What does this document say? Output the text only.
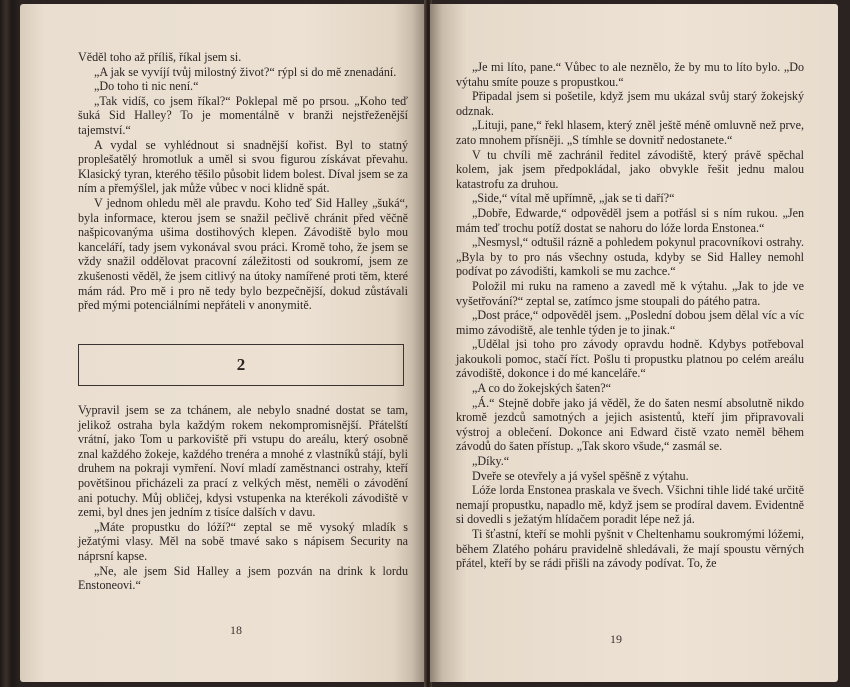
Věděl toho až příliš, říkal jsem si.

„A jak se vyvíjí tvůj milostný život?“ rýpl si do mě znenadání.

„Do toho ti nic není.“

„Tak vidíš, co jsem říkal?“ Poklepal mě po prsou. „Koho teď šuká Sid Halley? To je momentálně v branži nejstřeženější tajemství.“

A vydal se vyhlédnout si snadnější kořist. Byl to statný proplešatělý hromotluk a uměl si svou figurou získávat převahu. Klasický tyran, kterého těšilo působit lidem bolest. Díval jsem se za ním a přemýšlel, jak může vůbec v noci klidně spát.

V jednom ohledu měl ale pravdu. Koho teď Sid Halley „šuká“, byla informace, kterou jsem se snažil pečlivě chránit před věčně našpicovanýma ušima dostihových klepen. Závodiště bylo mou kanceláří, tady jsem vykonával svou práci. Kromě toho, že jsem se vždy snažil oddělovat pracovní záležitosti od soukromí, jsem ze zkušenosti věděl, že jsem citlivý na útoky namířené proti těm, které mám rád. Pro mě i pro ně tedy bylo bezpečnější, dokud zůstávali před mými potenciálními nepřáteli v anonymitě.

2

Vypravil jsem se za tchánem, ale nebylo snadné dostat se tam, jelikož ostraha byla každým rokem nekompromisnější. Přátelští vrátní, jako Tom u parkoviště při vstupu do areálu, který osobně znal každého žokeje, každého trenéra a mnohé z vlastníků stájí, byli druhem na pokraji vymření. Noví mladí zaměstnanci ostrahy, kteří povětšinou přicházeli za prací z velkých měst, neměli o závodění ani potuchy. Můj obličej, kdysi vstupenka na kterékoli závodiště v zemi, byl dnes jen jedním z tisíce dalších v davu.

„Máte propustku do lóží?“ zeptal se mě vysoký mladík s ježatými vlasy. Měl na sobě tmavé sako s nápisem Security na náprsní kapse.

„Ne, ale jsem Sid Halley a jsem pozván na drink k lordu Enstoneovi.“

18

„Je mi líto, pane.“ Vůbec to ale neznělo, že by mu to líto bylo. „Do výtahu smíte pouze s propustkou.“

Připadal jsem si pošetile, když jsem mu ukázal svůj starý žokejský odznak.

„Lituji, pane,“ řekl hlasem, který zněl ještě méně omluvně než prve, zato mnohem přísněji. „S tímhle se dovnitř nedostanete.“

V tu chvíli mě zachránil ředitel závodiště, který právě spěchal kolem, jak jsem předpokládal, jako obvykle řešit jednu malou katastrofu za druhou.

„Side,“ vítal mě upřímně, „jak se ti daří?“

„Dobře, Edwarde,“ odpověděl jsem a potřásl si s ním rukou. „Jen mám teď trochu potíž dostat se nahoru do lóže lorda Enstonea.“

„Nesmysl,“ odtušil rázně a pohledem pokynul pracovníkovi ostrahy. „Byla by to pro nás všechny ostuda, kdyby se Sid Halley nemohl podívat po závodišti, kamkoli se mu zachce.“

Položil mi ruku na rameno a zavedl mě k výtahu. „Jak to jde ve vyšetřování?“ zeptal se, zatímco jsme stoupali do pátého patra.

„Dost práce,“ odpověděl jsem. „Poslední dobou jsem dělal víc a víc mimo závodiště, ale tenhle týden je to jinak.“

„Udělal jsi toho pro závody opravdu hodně. Kdybys potřeboval jakoukoli pomoc, stačí říct. Pošlu ti propustku platnou po celém areálu závodiště, dokonce i do mé kanceláře.“

„A co do žokejských šaten?“

„Á.“ Stejně dobře jako já věděl, že do šaten nesmí absolutně nikdo kromě jezdců samotných a jejich asistentů, kteří jim připravovali výstroj a oblečení. Dokonce ani Edward čistě vzato neměl během závodů do šaten přístup. „Tak skoro všude,“ zasmál se.

„Díky.“

Dveře se otevřely a já vyšel spěšně z výtahu.

Lóže lorda Enstonea praskala ve švech. Všichni tihle lidé také určitě nemají propustku, napadlo mě, když jsem se prodíral davem. Evidentně si dovedli s ježatým hlídačem poradit lépe než já.

Ti šťastní, kteří se mohli pyšnit v Cheltenhamu soukromými lóžemi, během Zlatého poháru pravidelně shledávali, že mají spoustu věrných přátel, kteří by se rádi přišli na závody podívat. To, že

19
